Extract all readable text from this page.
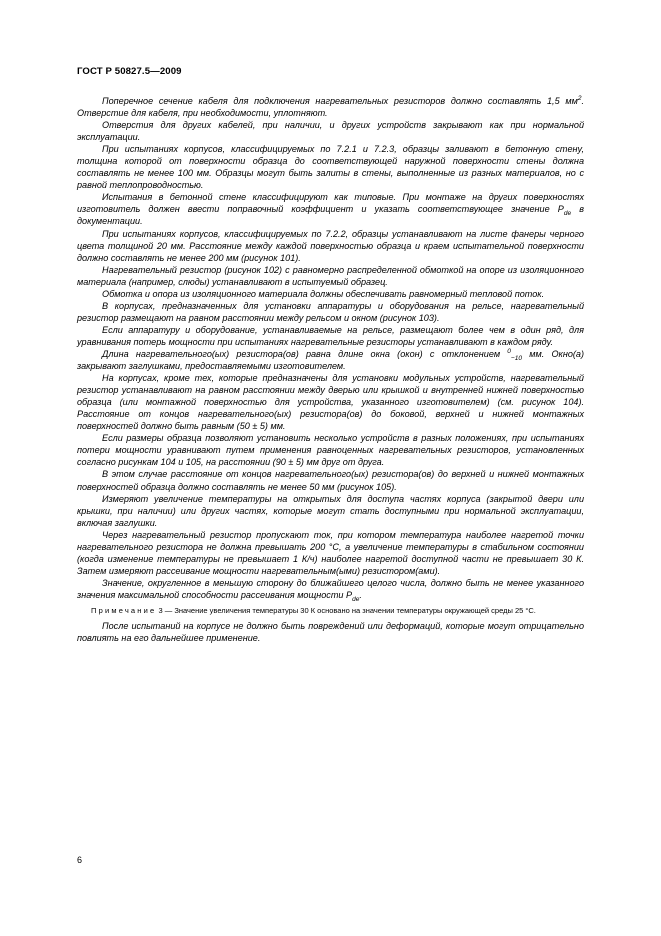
ГОСТ Р 50827.5—2009

Поперечное сечение кабеля для подключения нагревательных резисторов должно составлять 1,5 $мм^2$. Отверстие для кабеля, при необходимости, уплотняют.

Отверстия для других кабелей, при наличии, и других устройств закрывают как при нормальной эксплуатации.

При испытаниях корпусов, классифицируемых по 7.2.1 и 7.2.3, образцы заливают в бетонную стену, толщина которой от поверхности образца до соответствующей наружной поверхности стены должна составлять не менее 100 мм. Образцы могут быть залиты в стены, выполненные из разных материалов, но с равной теплопроводностью.

Испытания в бетонной стене классифицируют как типовые. При монтаже на других поверхностях изготовитель должен ввести поправочный коэффициент и указать соответствующее значение $P_{de}$ в документации.

При испытаниях корпусов, классифицируемых по 7.2.2, образцы устанавливают на листе фанеры черного цвета толщиной 20 мм. Расстояние между каждой поверхностью образца и краем испытательной поверхности должно составлять не менее 200 мм (рисунок 101).

Нагревательный резистор (рисунок 102) с равномерно распределенной обмоткой на опоре из изоляционного материала (например, слюды) устанавливают в испытуемый образец.

Обмотка и опора из изоляционного материала должны обеспечивать равномерный тепловой поток.

В корпусах, предназначенных для установки аппаратуры и оборудования на рельсе, нагревательный резистор размещают на равном расстоянии между рельсом и окном (рисунок 103).

Если аппаратуру и оборудование, устанавливаемые на рельсе, размещают более чем в один ряд, для уравнивания потерь мощности при испытаниях нагревательные резисторы устанавливают в каждом ряду.

Длина нагревательного(ых) резистора(ов) равна длине окна (окон) с отклонением $^0_{-10}$ мм. Окно(а) закрывают заглушками, предоставляемыми изготовителем.

На корпусах, кроме тех, которые предназначены для установки модульных устройств, нагревательный резистор устанавливают на равном расстоянии между дверью или крышкой и внутренней нижней поверхностью образца (или монтажной поверхностью для устройства, указанного изготовителем) (см. рисунок 104). Расстояние от концов нагревательного(ых) резистора(ов) до боковой, верхней и нижней монтажных поверхностей должно быть равным (50 ± 5) мм.

Если размеры образца позволяют установить несколько устройств в разных положениях, при испытаниях потери мощности уравнивают путем применения равноценных нагревательных резисторов, установленных согласно рисункам 104 и 105, на расстоянии (90 ± 5) мм друг от друга.

В этом случае расстояние от концов нагревательного(ых) резистора(ов) до верхней и нижней монтажных поверхностей образца должно составлять не менее 50 мм (рисунок 105).

Измеряют увеличение температуры на открытых для доступа частях корпуса (закрытой двери или крышки, при наличии) или других частях, которые могут стать доступными при нормальной эксплуатации, включая заглушки.

Через нагревательный резистор пропускают ток, при котором температура наиболее нагретой точки нагревательного резистора не должна превышать 200 °С, а увеличение температуры в стабильном состоянии (когда изменение температуры не превышает 1 К/ч) наиболее нагретой доступной части не превышает 30 К. Затем измеряют рассеивание мощности нагревательным(ыми) резистором(ами).

Значение, округленное в меньшую сторону до ближайшего целого числа, должно быть не менее указанного значения максимальной способности рассеивания мощности $P_{de}$.

Примечание 3 — Значение увеличения температуры 30 К основано на значении температуры окружающей среды 25 °С.

После испытаний на корпусе не должно быть повреждений или деформаций, которые могут отрицательно повлиять на его дальнейшее применение.

6
